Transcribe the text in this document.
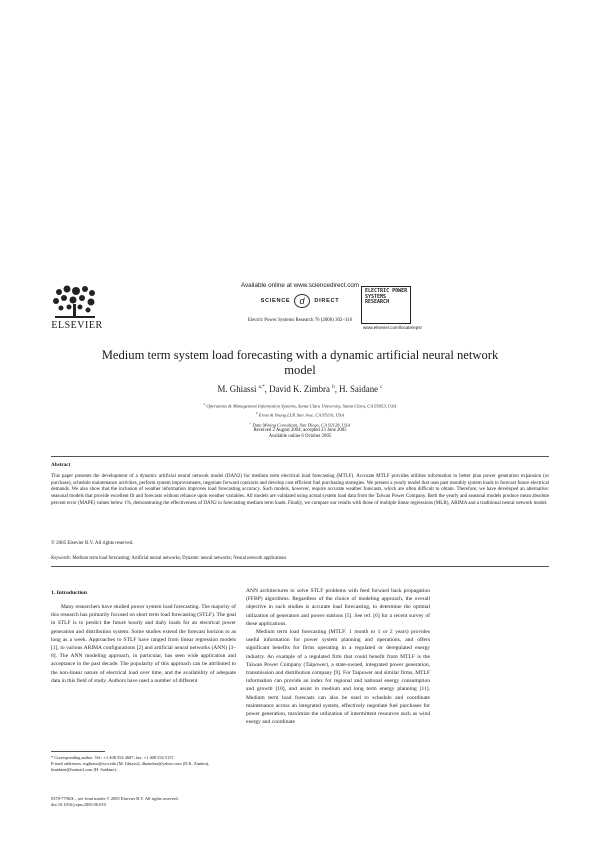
ELSEVIER
Available online at www.sciencedirect.com
SCIENCE	d	DIRECT
Electric Power Systems Research 76 (2006) 302–316
ELECTRIC POWER SYSTEMS RESEARCH
www.elsevier.com/locate/epsr
Medium term system load forecasting with a dynamic artificial neural network model
M. Ghiassi $^{a,*}$, David K. Zimbra $^b$, H. Saidane $^c$
$^a$ Operations & Management Information Systems, Santa Clara University, Santa Clara, CA 95053, USA
$^b$ Ernst & Young LLP, San Jose, CA 95110, USA
$^c$ Data Mining Consultant, San Diego, CA 92128, USA
Received 2 August 2004; accepted 23 June 2005
Available online 6 October 2005
Abstract
This paper presents the development of a dynamic artificial neural network model (DAN2) for medium term electrical load forecasting (MTLF). Accurate MTLF provides utilities information to better plan power generation expansion (or purchase), schedule maintenance activities, perform system improvements, negotiate forward contracts and develop cost efficient fuel purchasing strategies. We present a yearly model that uses past monthly system loads to forecast future electrical demands. We also show that the inclusion of weather information improves load forecasting accuracy. Such models, however, require accurate weather forecasts, which are often difficult to obtain. Therefore, we have developed an alternative: seasonal models that provide excellent fit and forecasts without reliance upon weather variables. All models are validated using actual system load data from the Taiwan Power Company. Both the yearly and seasonal models produce mean absolute percent error (MAPE) values below 1%, demonstrating the effectiveness of DAN2 in forecasting medium term loads. Finally, we compare our results with those of multiple linear regressions (MLR), ARIMA and a traditional neural network model.
© 2005 Elsevier B.V. All rights reserved.
Keywords: Medium term load forecasting; Artificial neural networks; Dynamic neural networks; Neural network applications
1. Introduction

Many researchers have studied power system load forecasting. The majority of this research has primarily focused on short term load forecasting (STLF). The goal in STLF is to predict the future hourly and daily loads for an electrical power generation and distribution system. Some studies extend the forecast horizon to as long as a week. Approaches to STLF have ranged from linear regression models [1], to various ARIMA configurations [2] and artificial neural networks (ANN) [3–8]. The ANN modeling approach, in particular, has seen wide application and acceptance in the past decade. The popularity of this approach can be attributed to the non-linear nature of electrical load over time, and the availability of adequate data in this field of study. Authors have used a number of different

ANN architectures to solve STLF problems with feed forward back propagation (FFBP) algorithms. Regardless of the choice of modeling approach, the overall objective in such studies is accurate load forecasting, to determine the optimal utilization of generators and power stations [5]. See ref. [6] for a recent survey of these applications.

Medium term load forecasting (MTLF: 1 month to 1 or 2 years) provides useful information for power system planning and operations, and offers significant benefits for firms operating in a regulated or deregulated energy industry. An example of a regulated firm that could benefit from MTLF is the Taiwan Power Company (Taipower), a state-owned, integrated power generation, transmission and distribution company [9]. For Taipower and similar firms, MTLF information can provide an index for regional and national energy consumption and growth [10], and assist in medium and long term energy planning [11]. Medium term load forecasts can also be used to schedule and coordinate maintenance across an integrated system, effectively negotiate fuel purchases for power generation, maximize the utilization of intermittent resources such as wind energy and coordinate

* Corresponding author. Tel.: +1 408 554 4687; fax: +1 408 554 5157.
E-mail addresses: mghiassi@scu.edu (M. Ghiassi), dkzimbra@yahoo.com (D.K. Zimbra), hsaidane@hotmail.com (H. Saidane).
0378-7796/$ – see front matter © 2005 Elsevier B.V. All rights reserved.
doi:10.1016/j.epsr.2005.06.010
